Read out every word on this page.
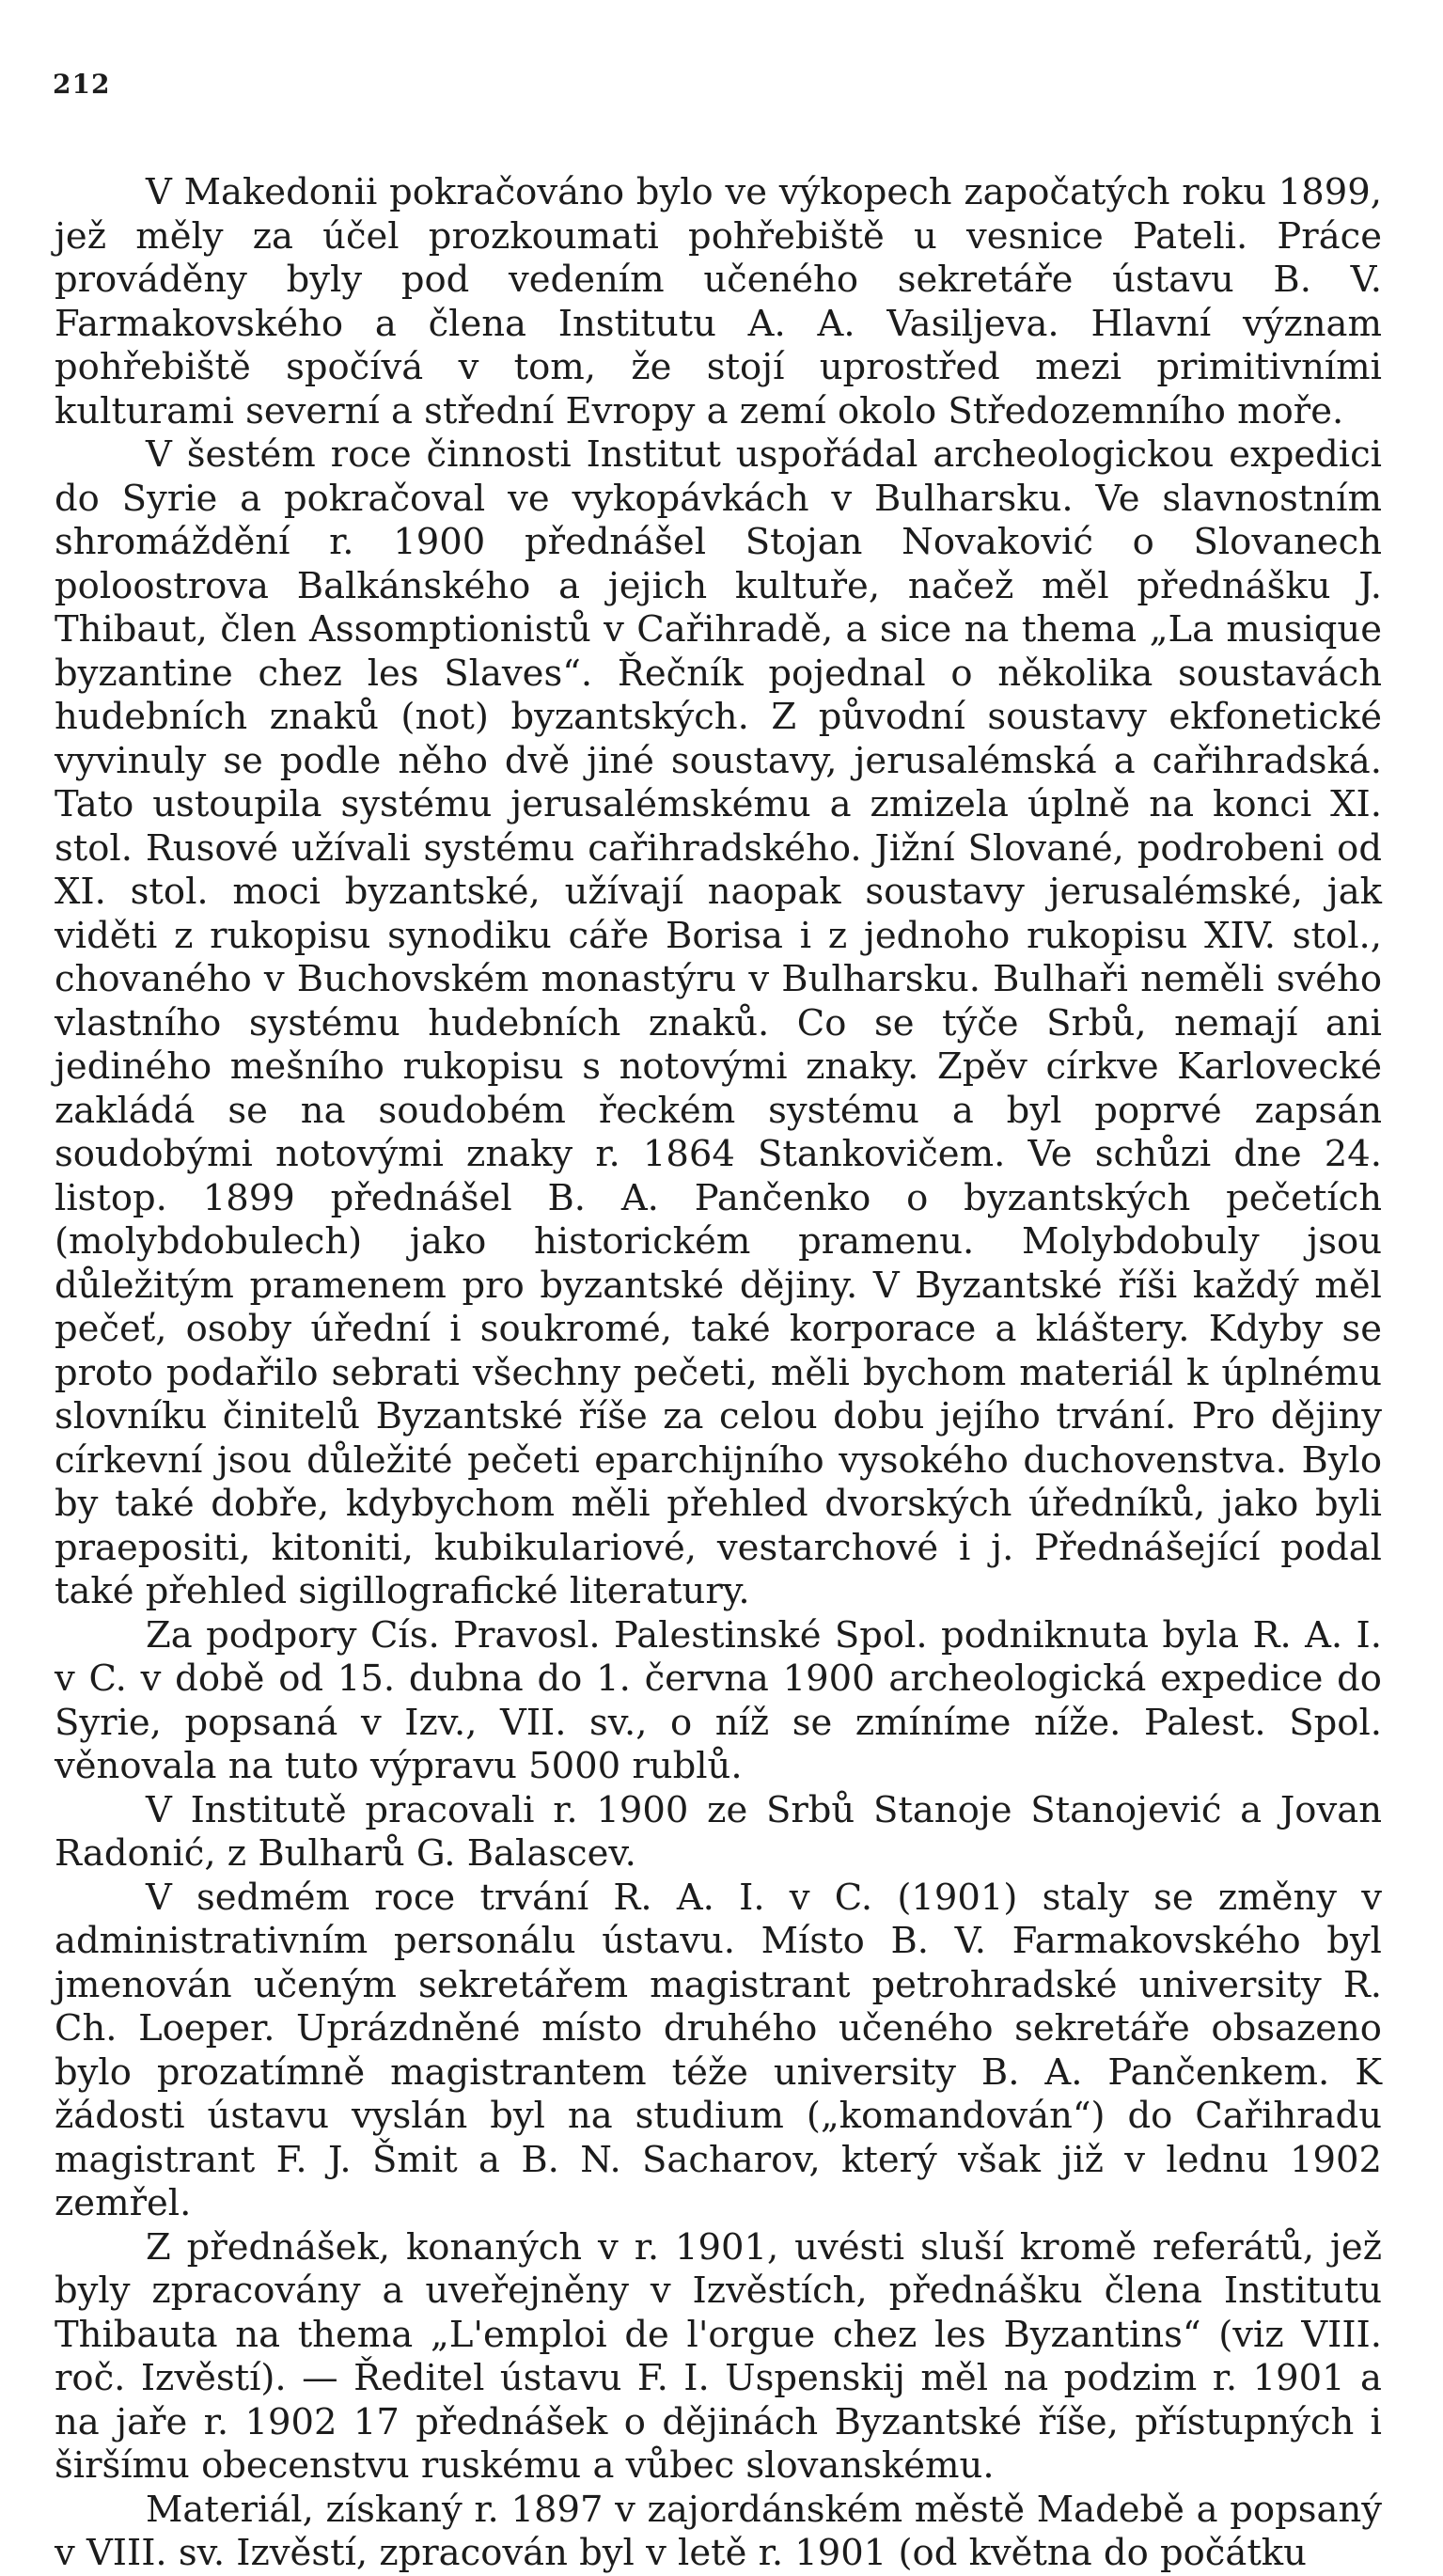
212

V Makedonii pokračováno bylo ve výkopech započatých roku 1899, jež měly za účel prozkoumati pohřebiště u vesnice Pateli. Práce prováděny byly pod vedením učeného sekretáře ústavu B. V. Farmakovského a člena Institutu A. A. Vasiljeva. Hlavní význam pohřebiště spočívá v tom, že stojí uprostřed mezi primitivními kulturami severní a střední Evropy a zemí okolo Středozemního moře.

V šestém roce činnosti Institut uspořádal archeologickou expedici do Syrie a pokračoval ve vykopávkách v Bulharsku. Ve slavnostním shromáždění r. 1900 přednášel Stojan Novaković o Slovanech poloostrova Balkánského a jejich kultuře, načež měl přednášku J. Thibaut, člen Assomptionistů v Cařihradě, a sice na thema „La musique byzantine chez les Slaves“. Řečník pojednal o několika soustavách hudebních znaků (not) byzantských. Z původní soustavy ekfonetické vyvinuly se podle něho dvě jiné soustavy, jerusalémská a cařihradská. Tato ustoupila systému jerusalémskému a zmizela úplně na konci XI. stol. Rusové užívali systému cařihradského. Jižní Slované, podrobeni od XI. stol. moci byzantské, užívají naopak soustavy jerusalémské, jak viděti z rukopisu synodiku cáře Borisa i z jednoho rukopisu XIV. stol., chovaného v Buchovském monastýru v Bulharsku. Bulhaři neměli svého vlastního systému hudebních znaků. Co se týče Srbů, nemají ani jediného mešního rukopisu s notovými znaky. Zpěv církve Karlovecké zakládá se na soudobém řeckém systému a byl poprvé zapsán soudobými notovými znaky r. 1864 Stankovičem. Ve schůzi dne 24. listop. 1899 přednášel B. A. Pančenko o byzantských pečetích (molybdobulech) jako historickém pramenu. Molybdobuly jsou důležitým pramenem pro byzantské dějiny. V Byzantské říši každý měl pečeť, osoby úřední i soukromé, také korporace a kláštery. Kdyby se proto podařilo sebrati všechny pečeti, měli bychom materiál k úplnému slovníku činitelů Byzantské říše za celou dobu jejího trvání. Pro dějiny církevní jsou důležité pečeti eparchijního vysokého duchovenstva. Bylo by také dobře, kdybychom měli přehled dvorských úředníků, jako byli praepositi, kitoniti, kubikulariové, vestarchové i j. Přednášející podal také přehled sigillografické literatury.

Za podpory Cís. Pravosl. Palestinské Spol. podniknuta byla R. A. I. v C. v době od 15. dubna do 1. června 1900 archeologická expedice do Syrie, popsaná v Izv., VII. sv., o níž se zmíníme níže. Palest. Spol. věnovala na tuto výpravu 5000 rublů.

V Institutě pracovali r. 1900 ze Srbů Stanoje Stanojević a Jovan Radonić, z Bulharů G. Balascev.

V sedmém roce trvání R. A. I. v C. (1901) staly se změny v administrativním personálu ústavu. Místo B. V. Farmakovského byl jmenován učeným sekretářem magistrant petrohradské university R. Ch. Loeper. Uprázdněné místo druhého učeného sekretáře obsazeno bylo prozatímně magistrantem téže university B. A. Pančenkem. K žádosti ústavu vyslán byl na studium („komandován“) do Cařihradu magistrant F. J. Šmit a B. N. Sacharov, který však již v lednu 1902 zemřel.

Z přednášek, konaných v r. 1901, uvésti sluší kromě referátů, jež byly zpracovány a uveřejněny v Izvěstích, přednášku člena Institutu Thibauta na thema „L'emploi de l'orgue chez les Byzantins“ (viz VIII. roč. Izvěstí). — Ředitel ústavu F. I. Uspenskij měl na podzim r. 1901 a na jaře r. 1902 17 přednášek o dějinách Byzantské říše, přístupných i širšímu obecenstvu ruskému a vůbec slovanskému.

Materiál, získaný r. 1897 v zajordánském městě Madebě a popsaný v VIII. sv. Izvěstí, zpracován byl v letě r. 1901 (od května do počátku
